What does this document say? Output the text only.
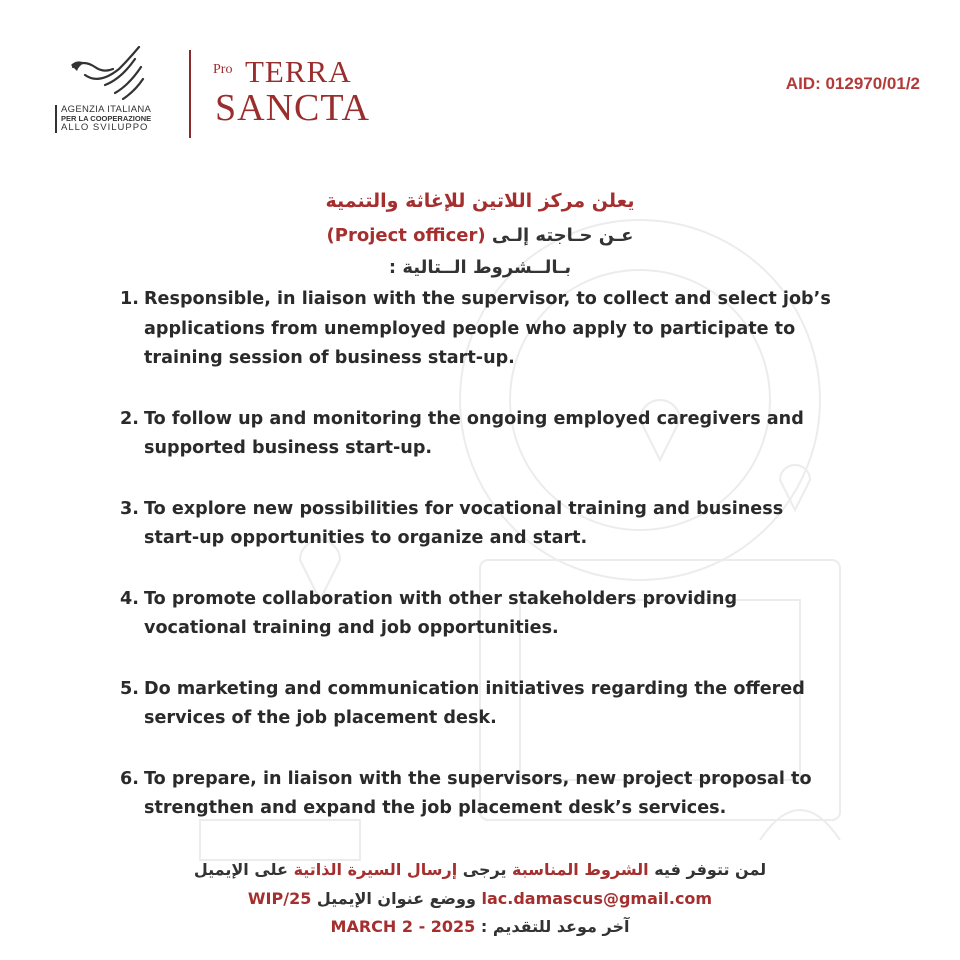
AGENZIA ITALIANA
PER LA COOPERAZIONE
ALLO SVILUPPO
Pro TERRA
SANCTA
AID: 012970/01/2
يعلن مركز اللاتين للإغاثة والتنمية
عـن حـاجته إلـى (Project officer)
بـالــشروط الــتالية :
1. Responsible, in liaison with the supervisor, to collect and select job’s applications from unemployed people who apply to participate to training session of business start-up.
2. To follow up and monitoring the ongoing employed caregivers and supported business start-up.
3. To explore new possibilities for vocational training and business start-up opportunities to organize and start.
4. To promote collaboration with other stakeholders providing vocational training and job opportunities.
5. Do marketing and communication initiatives regarding the offered services of the job placement desk.
6. To prepare, in liaison with the supervisors, new project proposal to strengthen and expand the job placement desk’s services.
لمن تتوفر فيه الشروط المناسبة يرجى إرسال السيرة الذاتية على الإيميل
lac.damascus@gmail.com ووضع عنوان الإيميل WIP/25
آخر موعد للتقديم : MARCH 2 - 2025
